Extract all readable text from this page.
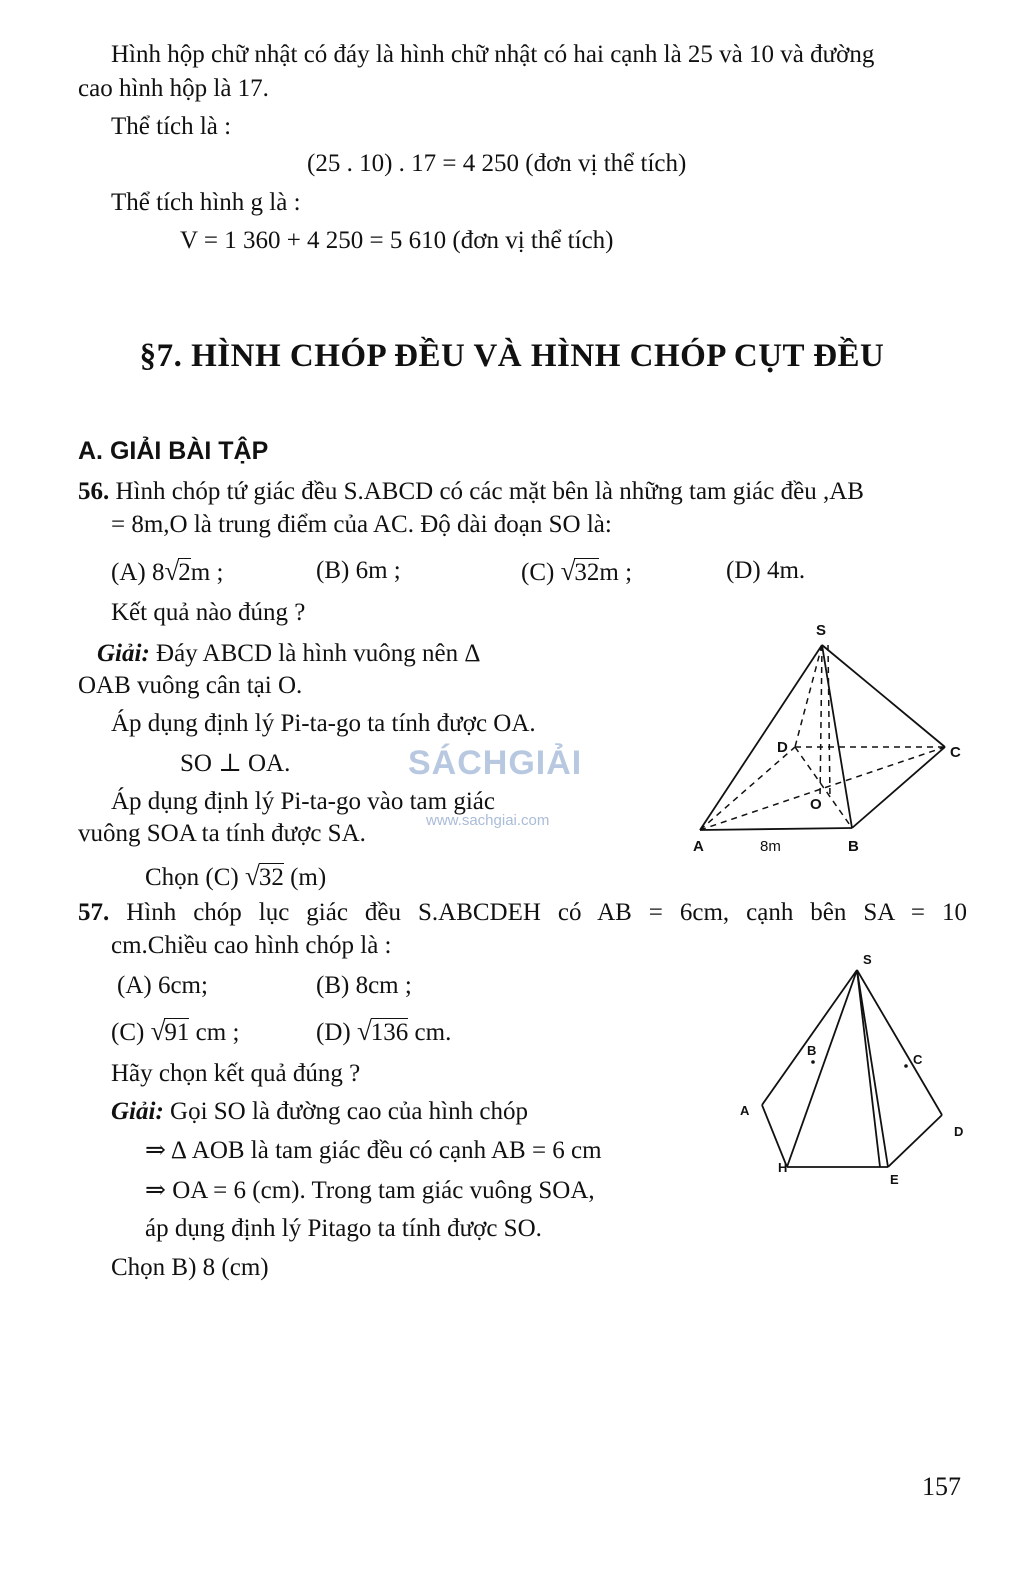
Hình hộp chữ nhật có đáy là hình chữ nhật có hai cạnh là 25 và 10 và đường

cao hình hộp là 17.

Thể tích là :

(25 . 10) . 17 = 4 250 (đơn vị thể tích)

Thể tích hình g là :

V = 1 360 + 4 250 = 5 610 (đơn vị thể tích)

§7. HÌNH CHÓP ĐỀU VÀ HÌNH CHÓP CỤT ĐỀU
A. GIẢI BÀI TẬP

56. Hình chóp tứ giác đều S.ABCD có các mặt bên là những tam giác đều ,AB

= 8m,O là trung điểm của AC. Độ dài đoạn SO là:

(A) 8√2m ;	(B) 6m ;	(C) √32m ;	(D) 4m.

Kết quả nào đúng ?

Giải: Đáy ABCD là hình vuông nên Δ

OAB vuông cân tại O.

Áp dụng định lý Pi-ta-go ta tính được OA.

SO ⊥ OA.

Áp dụng định lý Pi-ta-go vào tam giác

vuông SOA ta tính được SA.

Chọn (C) √32 (m)

S
A	B
C
D
O
8m
SÁCHGIẢI
www.sachgiai.com
57. Hình chóp lục giác đều S.ABCDEH có AB = 6cm, cạnh bên SA = 10

cm.Chiều cao hình chóp là :

(A) 6cm;	(B) 8cm ;

(C) √91 cm ;	(D) √136 cm.

Hãy chọn kết quả đúng ?

Giải: Gọi SO là đường cao của hình chóp

⇒ Δ AOB là tam giác đều có cạnh AB = 6 cm

⇒ OA = 6 (cm). Trong tam giác vuông SOA,

áp dụng định lý Pitago ta tính được SO.

Chọn B) 8 (cm)

S
A
B
C
D
E
H
157
